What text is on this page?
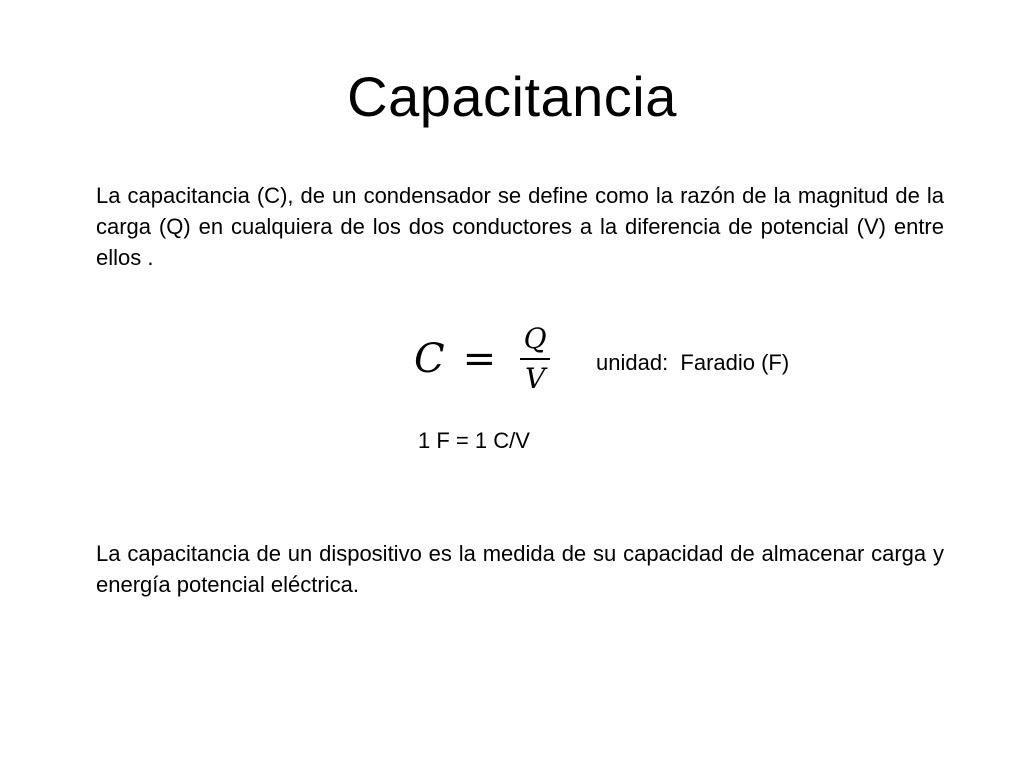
Capacitancia
La capacitancia (C), de un condensador se define como la razón de la magnitud de la carga (Q) en cualquiera de los dos conductores a la diferencia de potencial (V) entre ellos .
$C = \frac{Q}{V}$ unidad:  Faradio (F)
1 F = 1 C/V
La capacitancia de un dispositivo es la medida de su capacidad de almacenar carga y energía potencial eléctrica.
